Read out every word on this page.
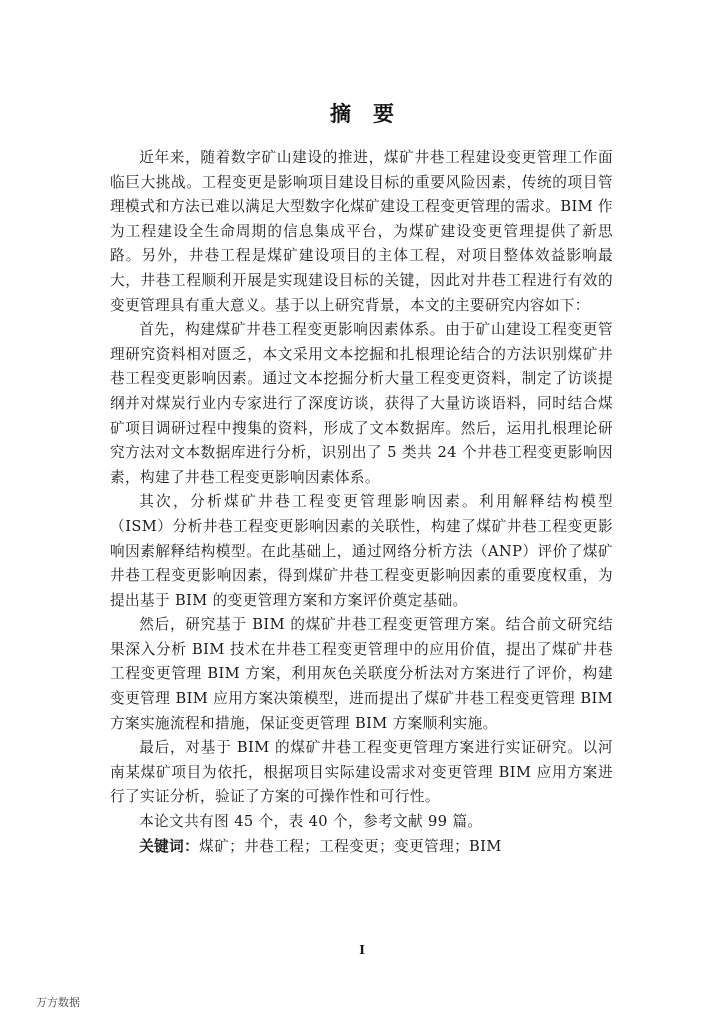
摘要

近年来，随着数字矿山建设的推进，煤矿井巷工程建设变更管理工作面临巨大挑战。工程变更是影响项目建设目标的重要风险因素，传统的项目管理模式和方法已难以满足大型数字化煤矿建设工程变更管理的需求。BIM 作为工程建设全生命周期的信息集成平台，为煤矿建设变更管理提供了新思路。另外，井巷工程是煤矿建设项目的主体工程，对项目整体效益影响最大，井巷工程顺利开展是实现建设目标的关键，因此对井巷工程进行有效的变更管理具有重大意义。基于以上研究背景，本文的主要研究内容如下：

首先，构建煤矿井巷工程变更影响因素体系。由于矿山建设工程变更管理研究资料相对匮乏，本文采用文本挖掘和扎根理论结合的方法识别煤矿井巷工程变更影响因素。通过文本挖掘分析大量工程变更资料，制定了访谈提纲并对煤炭行业内专家进行了深度访谈，获得了大量访谈语料，同时结合煤矿项目调研过程中搜集的资料，形成了文本数据库。然后，运用扎根理论研究方法对文本数据库进行分析，识别出了 5 类共 24 个井巷工程变更影响因素，构建了井巷工程变更影响因素体系。

其次，分析煤矿井巷工程变更管理影响因素。利用解释结构模型（ISM）分析井巷工程变更影响因素的关联性，构建了煤矿井巷工程变更影响因素解释结构模型。在此基础上，通过网络分析方法（ANP）评价了煤矿井巷工程变更影响因素，得到煤矿井巷工程变更影响因素的重要度权重，为提出基于 BIM 的变更管理方案和方案评价奠定基础。

然后，研究基于 BIM 的煤矿井巷工程变更管理方案。结合前文研究结果深入分析 BIM 技术在井巷工程变更管理中的应用价值，提出了煤矿井巷工程变更管理 BIM 方案，利用灰色关联度分析法对方案进行了评价，构建变更管理 BIM 应用方案决策模型，进而提出了煤矿井巷工程变更管理 BIM 方案实施流程和措施，保证变更管理 BIM 方案顺利实施。

最后，对基于 BIM 的煤矿井巷工程变更管理方案进行实证研究。以河南某煤矿项目为依托，根据项目实际建设需求对变更管理 BIM 应用方案进行了实证分析，验证了方案的可操作性和可行性。

本论文共有图 45 个，表 40 个，参考文献 99 篇。

关键词：煤矿；井巷工程；工程变更；变更管理；BIM

I
万方数据
